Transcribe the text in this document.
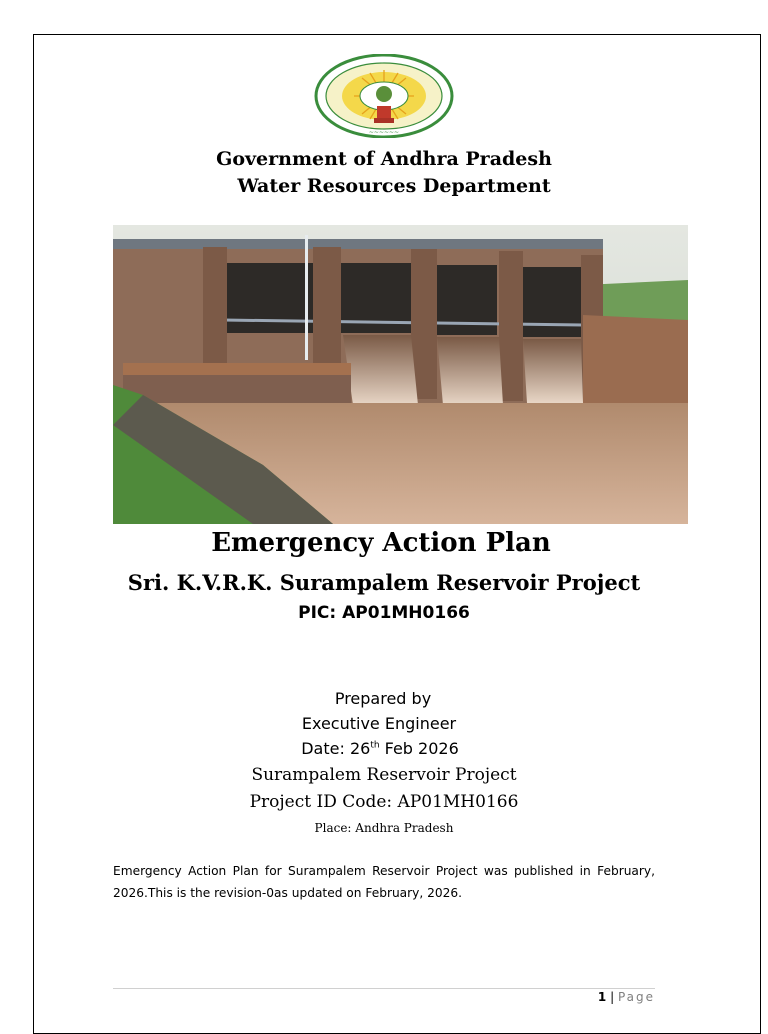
~~~~~~
Government of Andhra Pradesh
Water Resources Department
Emergency Action Plan
Sri. K.V.R.K. Surampalem Reservoir Project
PIC: AP01MH0166
Prepared by
Executive Engineer
Date: 26th Feb 2026
Surampalem Reservoir Project
Project ID Code: AP01MH0166
Place: Andhra Pradesh
Emergency Action Plan for Surampalem Reservoir Project was published in February, 2026.This is the revision-0as updated on February, 2026.
1 | Page
